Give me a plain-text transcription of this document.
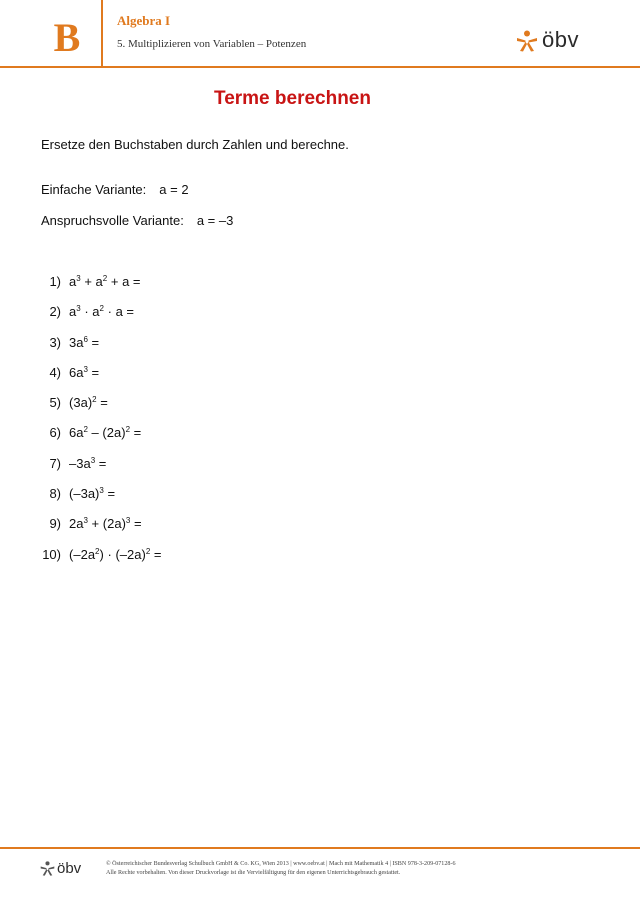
B	Algebra I
5. Multiplizieren von Variablen – Potenzen	öbv
Terme berechnen
Ersetze den Buchstaben durch Zahlen und berechne.
Einfache Variante: a = 2
Anspruchsvolle Variante: a = –3
1) $a^3 + a^2 + a$ =
2) $a^3 \cdot a^2 \cdot a$ =
3) $3a^6$ =
4) $6a^3$ =
5) $(3a)^2$ =
6) $6a^2 - (2a)^2$ =
7) $-3a^3$ =
8) $(-3a)^3$ =
9) $2a^3 + (2a)^3$ =
10) $(-2a^2) \cdot (-2a)^2$ =
öbv	© Österreichischer Bundesverlag Schulbuch GmbH & Co. KG, Wien 2013 | www.oebv.at | Mach mit Mathematik 4 | ISBN 978-3-209-07128-6
Alle Rechte vorbehalten. Von dieser Druckvorlage ist die Vervielfältigung für den eigenen Unterrichtsgebrauch gestattet.
